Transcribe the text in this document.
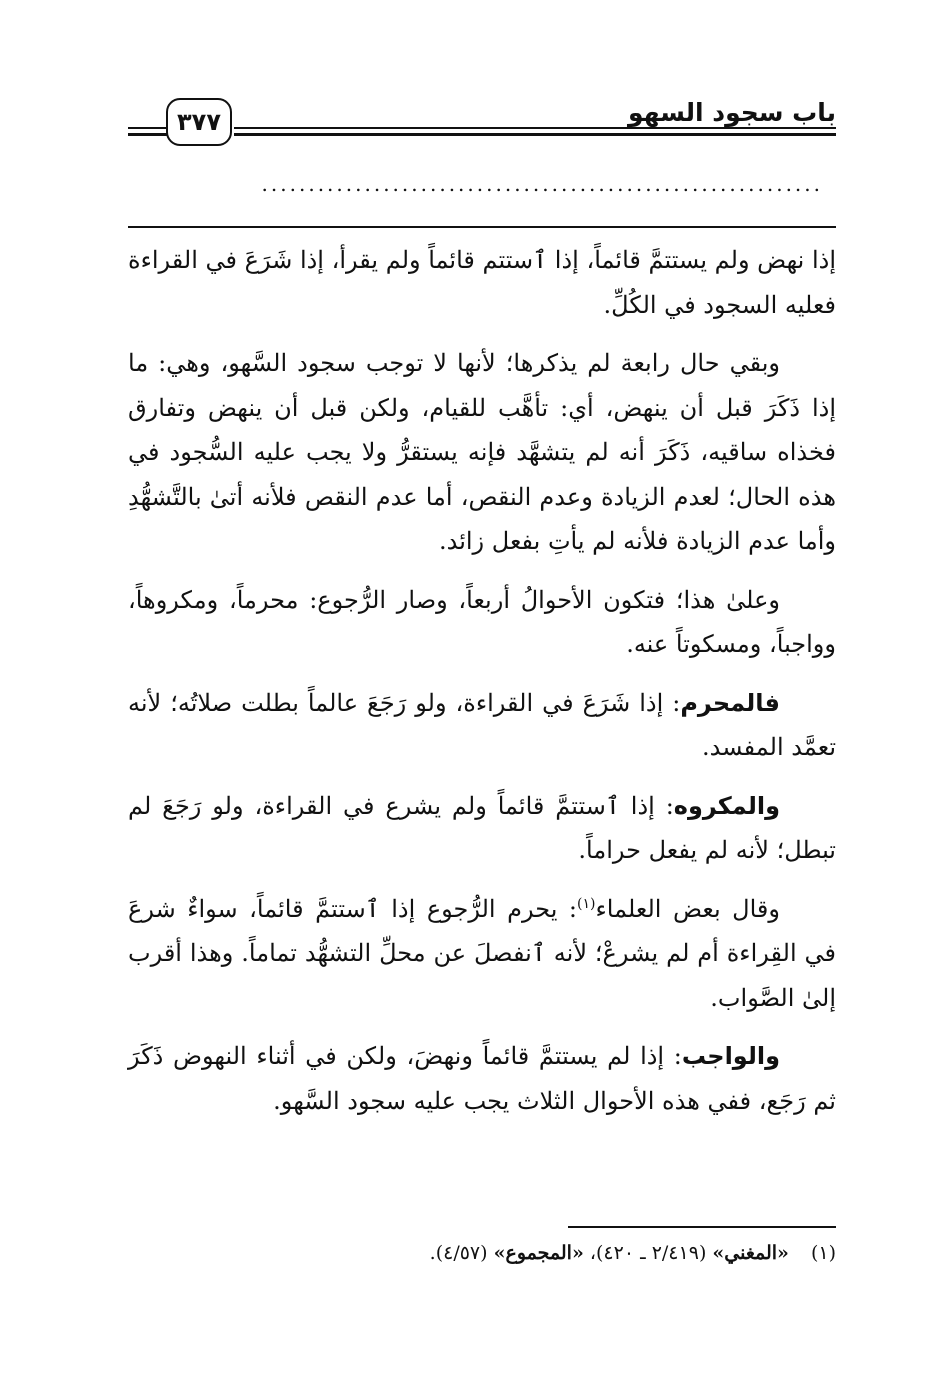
باب سجود السهو
٣٧٧
............................................................

إذا نهض ولم يستتمَّ قائماً، إذا ٱستتم قائماً ولم يقرأ، إذا شَرَعَ في القراءة فعليه السجود في الكُلِّ.

وبقي حال رابعة لم يذكرها؛ لأنها لا توجب سجود السَّهو، وهي: ما إذا ذَكَرَ قبل أن ينهض، أي: تأهَّب للقيام، ولكن قبل أن ينهض وتفارق فخذاه ساقيه، ذَكَرَ أنه لم يتشهَّد فإنه يستقرُّ ولا يجب عليه السُّجود في هذه الحال؛ لعدم الزيادة وعدم النقص، أما عدم النقص فلأنه أتىٰ بالتَّشهُّدِ وأما عدم الزيادة فلأنه لم يأتِ بفعل زائد.

وعلىٰ هذا؛ فتكون الأحوالُ أربعاً، وصار الرُّجوع: محرماً، ومكروهاً، وواجباً، ومسكوتاً عنه.

فالمحرم: إذا شَرَعَ في القراءة، ولو رَجَعَ عالماً بطلت صلاتُه؛ لأنه تعمَّد المفسد.

والمكروه: إذا ٱستتمَّ قائماً ولم يشرع في القراءة، ولو رَجَعَ لم تبطل؛ لأنه لم يفعل حراماً.

وقال بعض العلماء$^{(١)}$: يحرم الرُّجوع إذا ٱستتمَّ قائماً، سواءٌ شرعَ في القِراءة أم لم يشرعْ؛ لأنه ٱنفصلَ عن محلِّ التشهُّد تماماً. وهذا أقرب إلىٰ الصَّواب.

والواجب: إذا لم يستتمَّ قائماً ونهضَ، ولكن في أثناء النهوض ذَكَرَ ثم رَجَع، ففي هذه الأحوال الثلاث يجب عليه سجود السَّهو.

(١)«المغني» (٢/٤١٩ ـ ٤٢٠)، «المجموع» (٤/٥٧).
